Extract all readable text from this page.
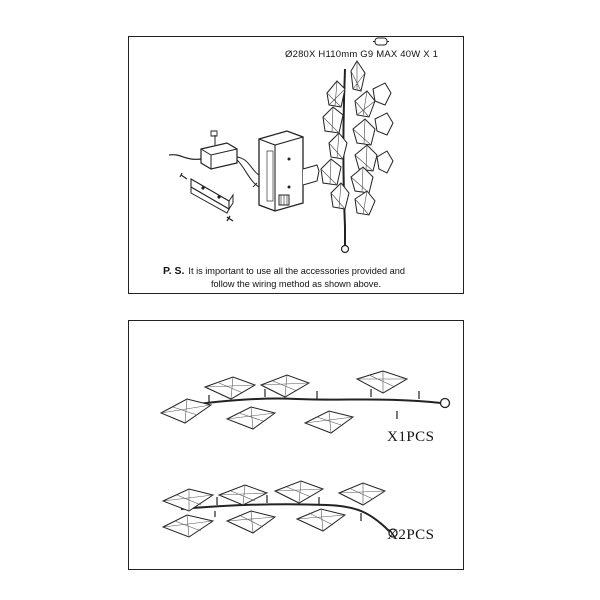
Ø280X H110mm G9 MAX 40W X 1
P. S. It is important to use all the accessories provided and
follow the wiring method as shown above.
X1PCS
X2PCS
